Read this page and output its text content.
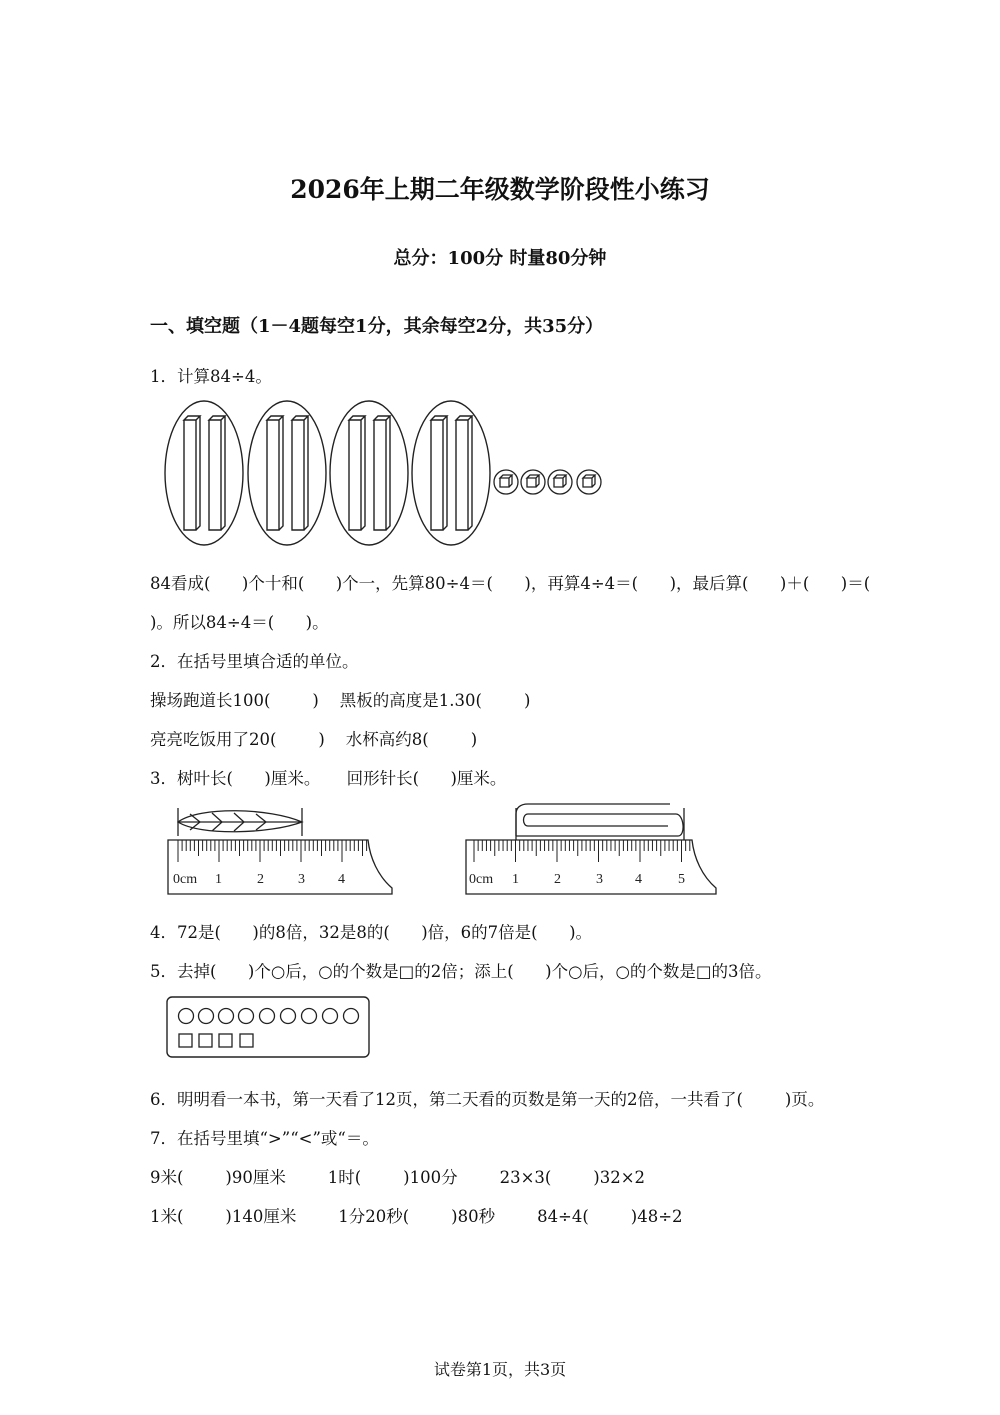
2026年上期二年级数学阶段性小练习
总分：100分 时量80分钟
一、填空题（1－4题每空1分，其余每空2分，共35分）
1．计算84÷4。
84看成(      )个十和(      )个一，先算80÷4＝(      )，再算4÷4＝(      )，最后算(      )＋(      )＝(
)。所以84÷4＝(      )。
2．在括号里填合适的单位。
操场跑道长100(        )    黑板的高度是1.30(        )
亮亮吃饭用了20(        )    水杯高约8(        )
3．树叶长(      )厘米。     回形针长(      )厘米。
0cm 1	2 3 4	0cm 1	2	3 4	5
4．72是(      )的8倍，32是8的(      )倍，6的7倍是(      )。
5．去掉(      )个○后，○的个数是□的2倍；添上(      )个○后，○的个数是□的3倍。
6．明明看一本书，第一天看了12页，第二天看的页数是第一天的2倍，一共看了(        )页。
7．在括号里填“>”“<”或“＝。
9米(        )90厘米        1时(        )100分        23×3(        )32×2
1米(        )140厘米        1分20秒(        )80秒        84÷4(        )48÷2
试卷第1页，共3页
